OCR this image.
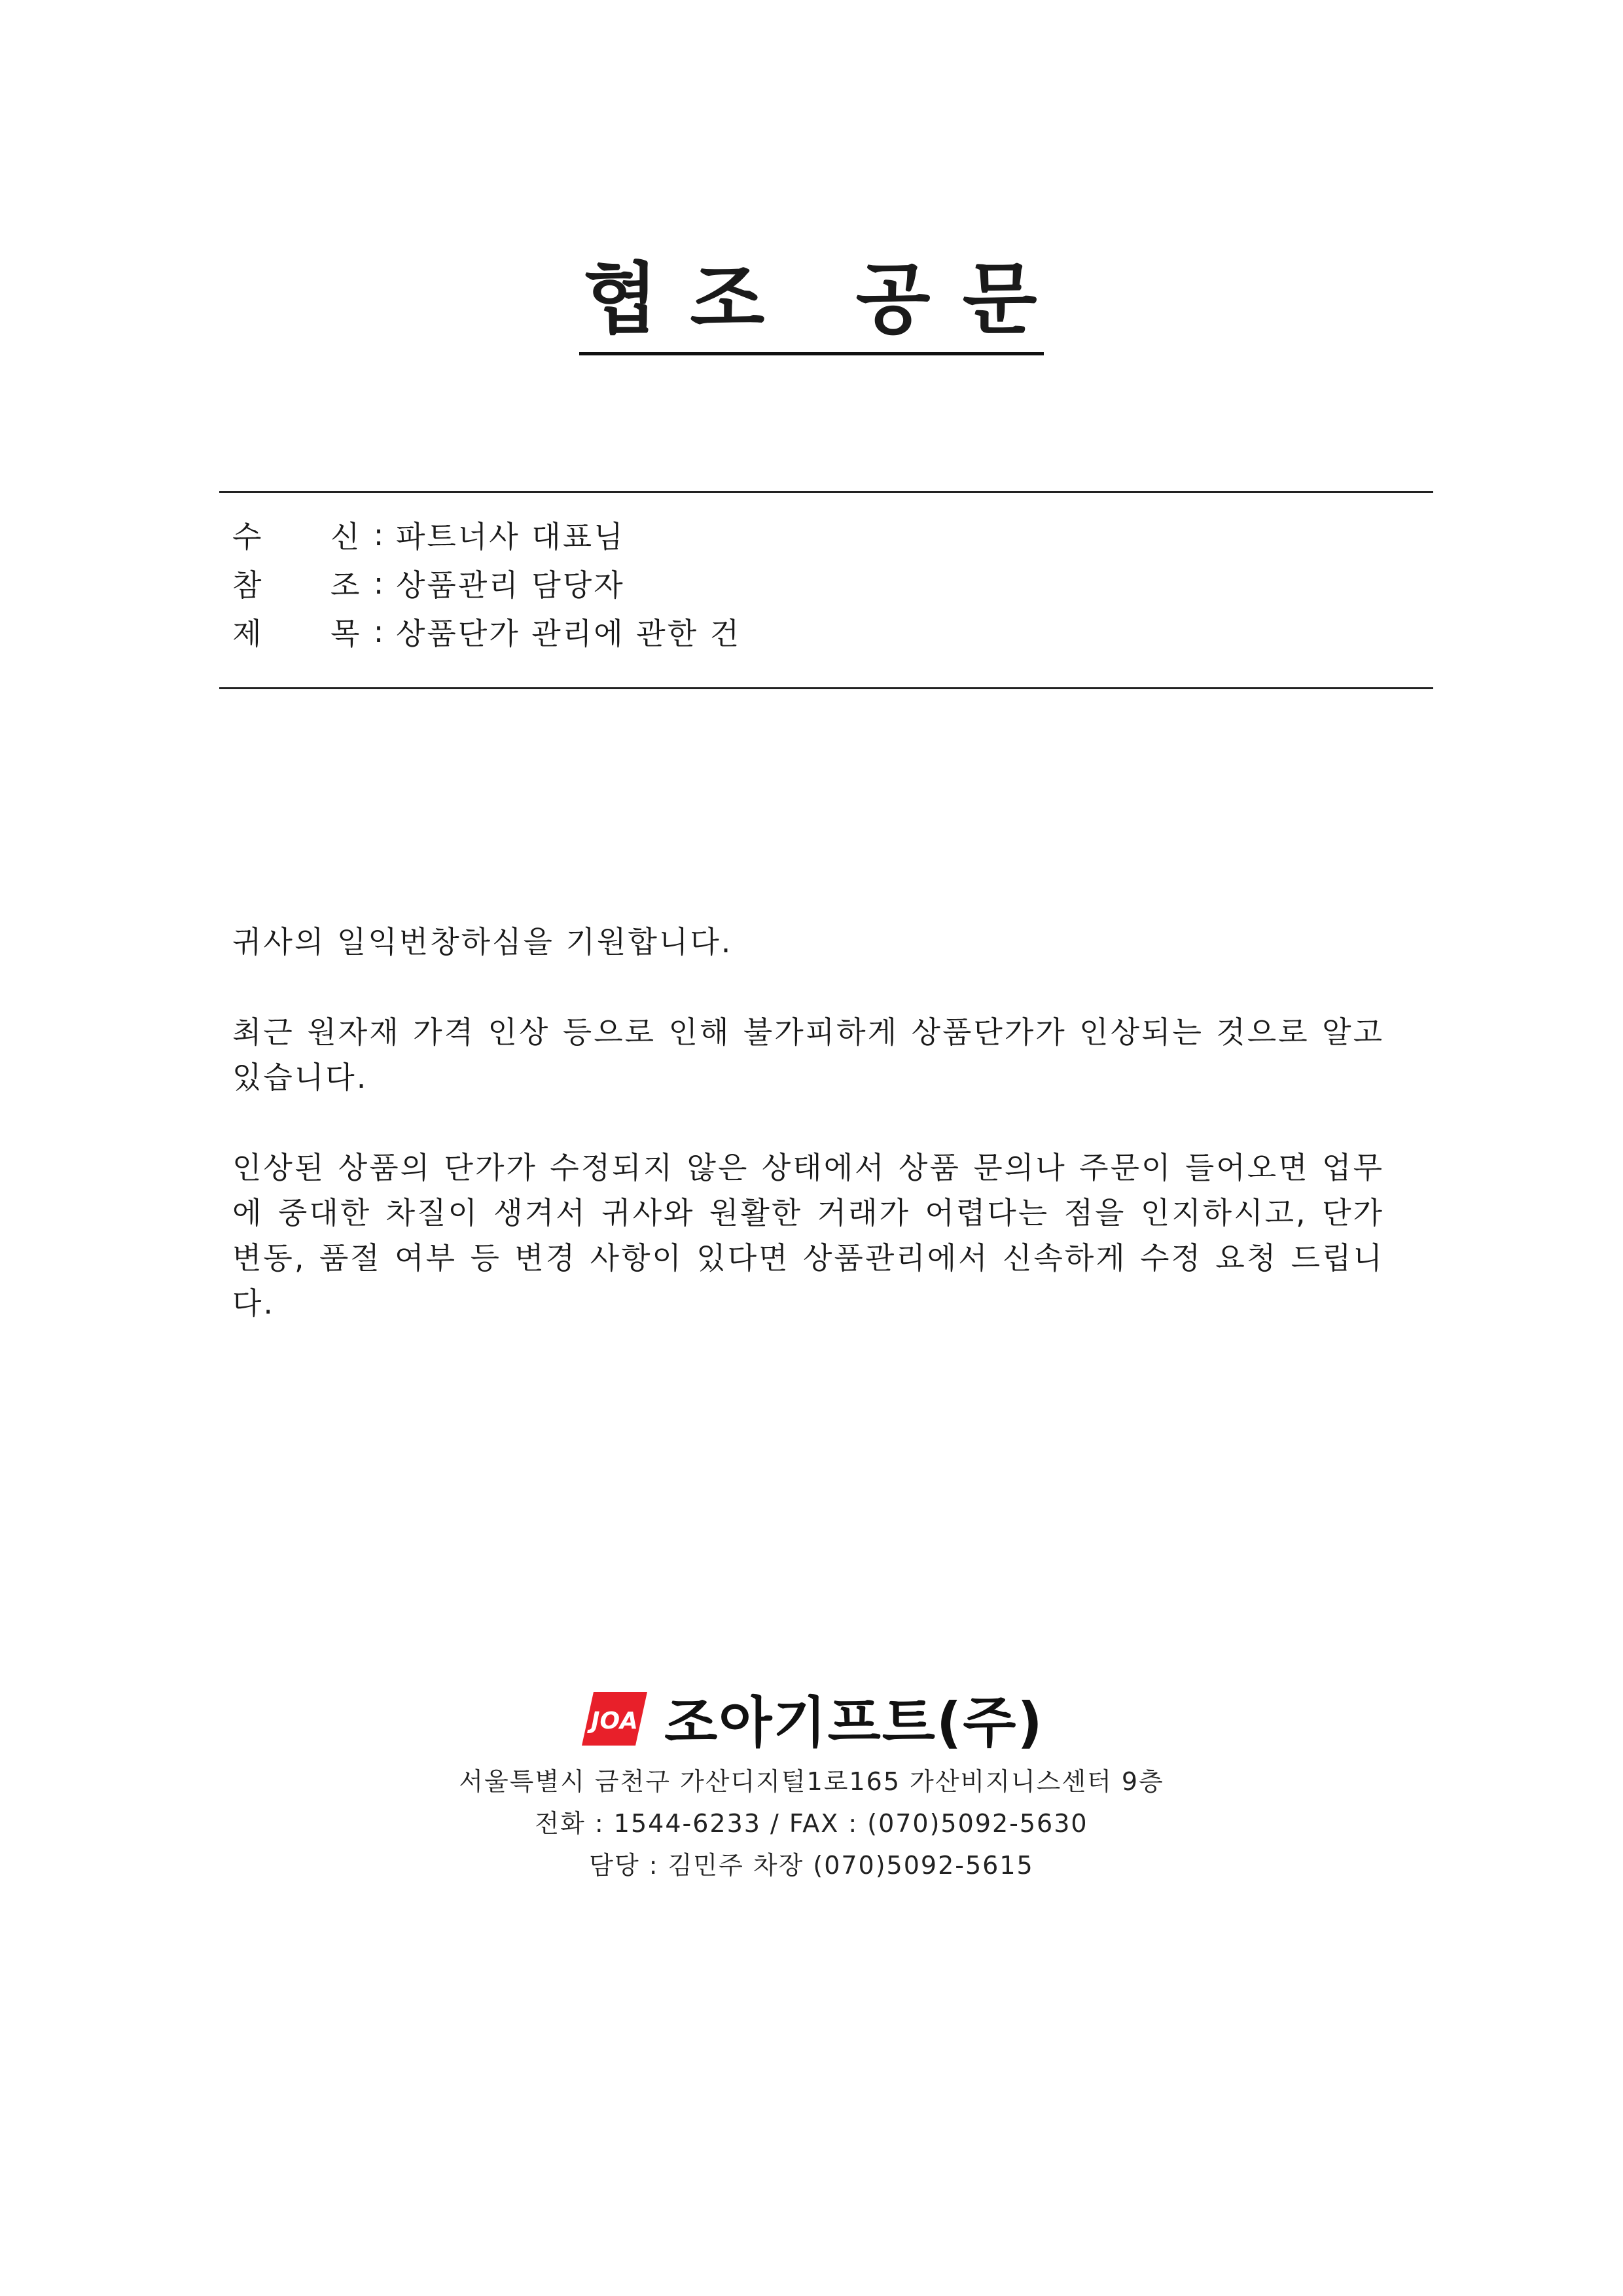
협 조   공 문
수	신 : 파트너사 대표님
참	조 : 상품관리 담당자
제	목 : 상품단가 관리에 관한 건

귀사의 일익번창하심을 기원합니다.

최근 원자재 가격 인상 등으로 인해 불가피하게 상품단가가 인상되는 것으로 알고 있습니다.

인상된 상품의 단가가 수정되지 않은 상태에서 상품 문의나 주문이 들어오면 업무에 중대한 차질이 생겨서 귀사와 원활한 거래가 어렵다는 점을 인지하시고, 단가 변동, 품절 여부 등 변경 사항이 있다면 상품관리에서 신속하게 수정 요청 드립니다.

JOA 조아기프트(주)
서울특별시 금천구 가산디지털1로165 가산비지니스센터 9층
전화 : 1544-6233 / FAX : (070)5092-5630
담당 : 김민주 차장 (070)5092-5615
